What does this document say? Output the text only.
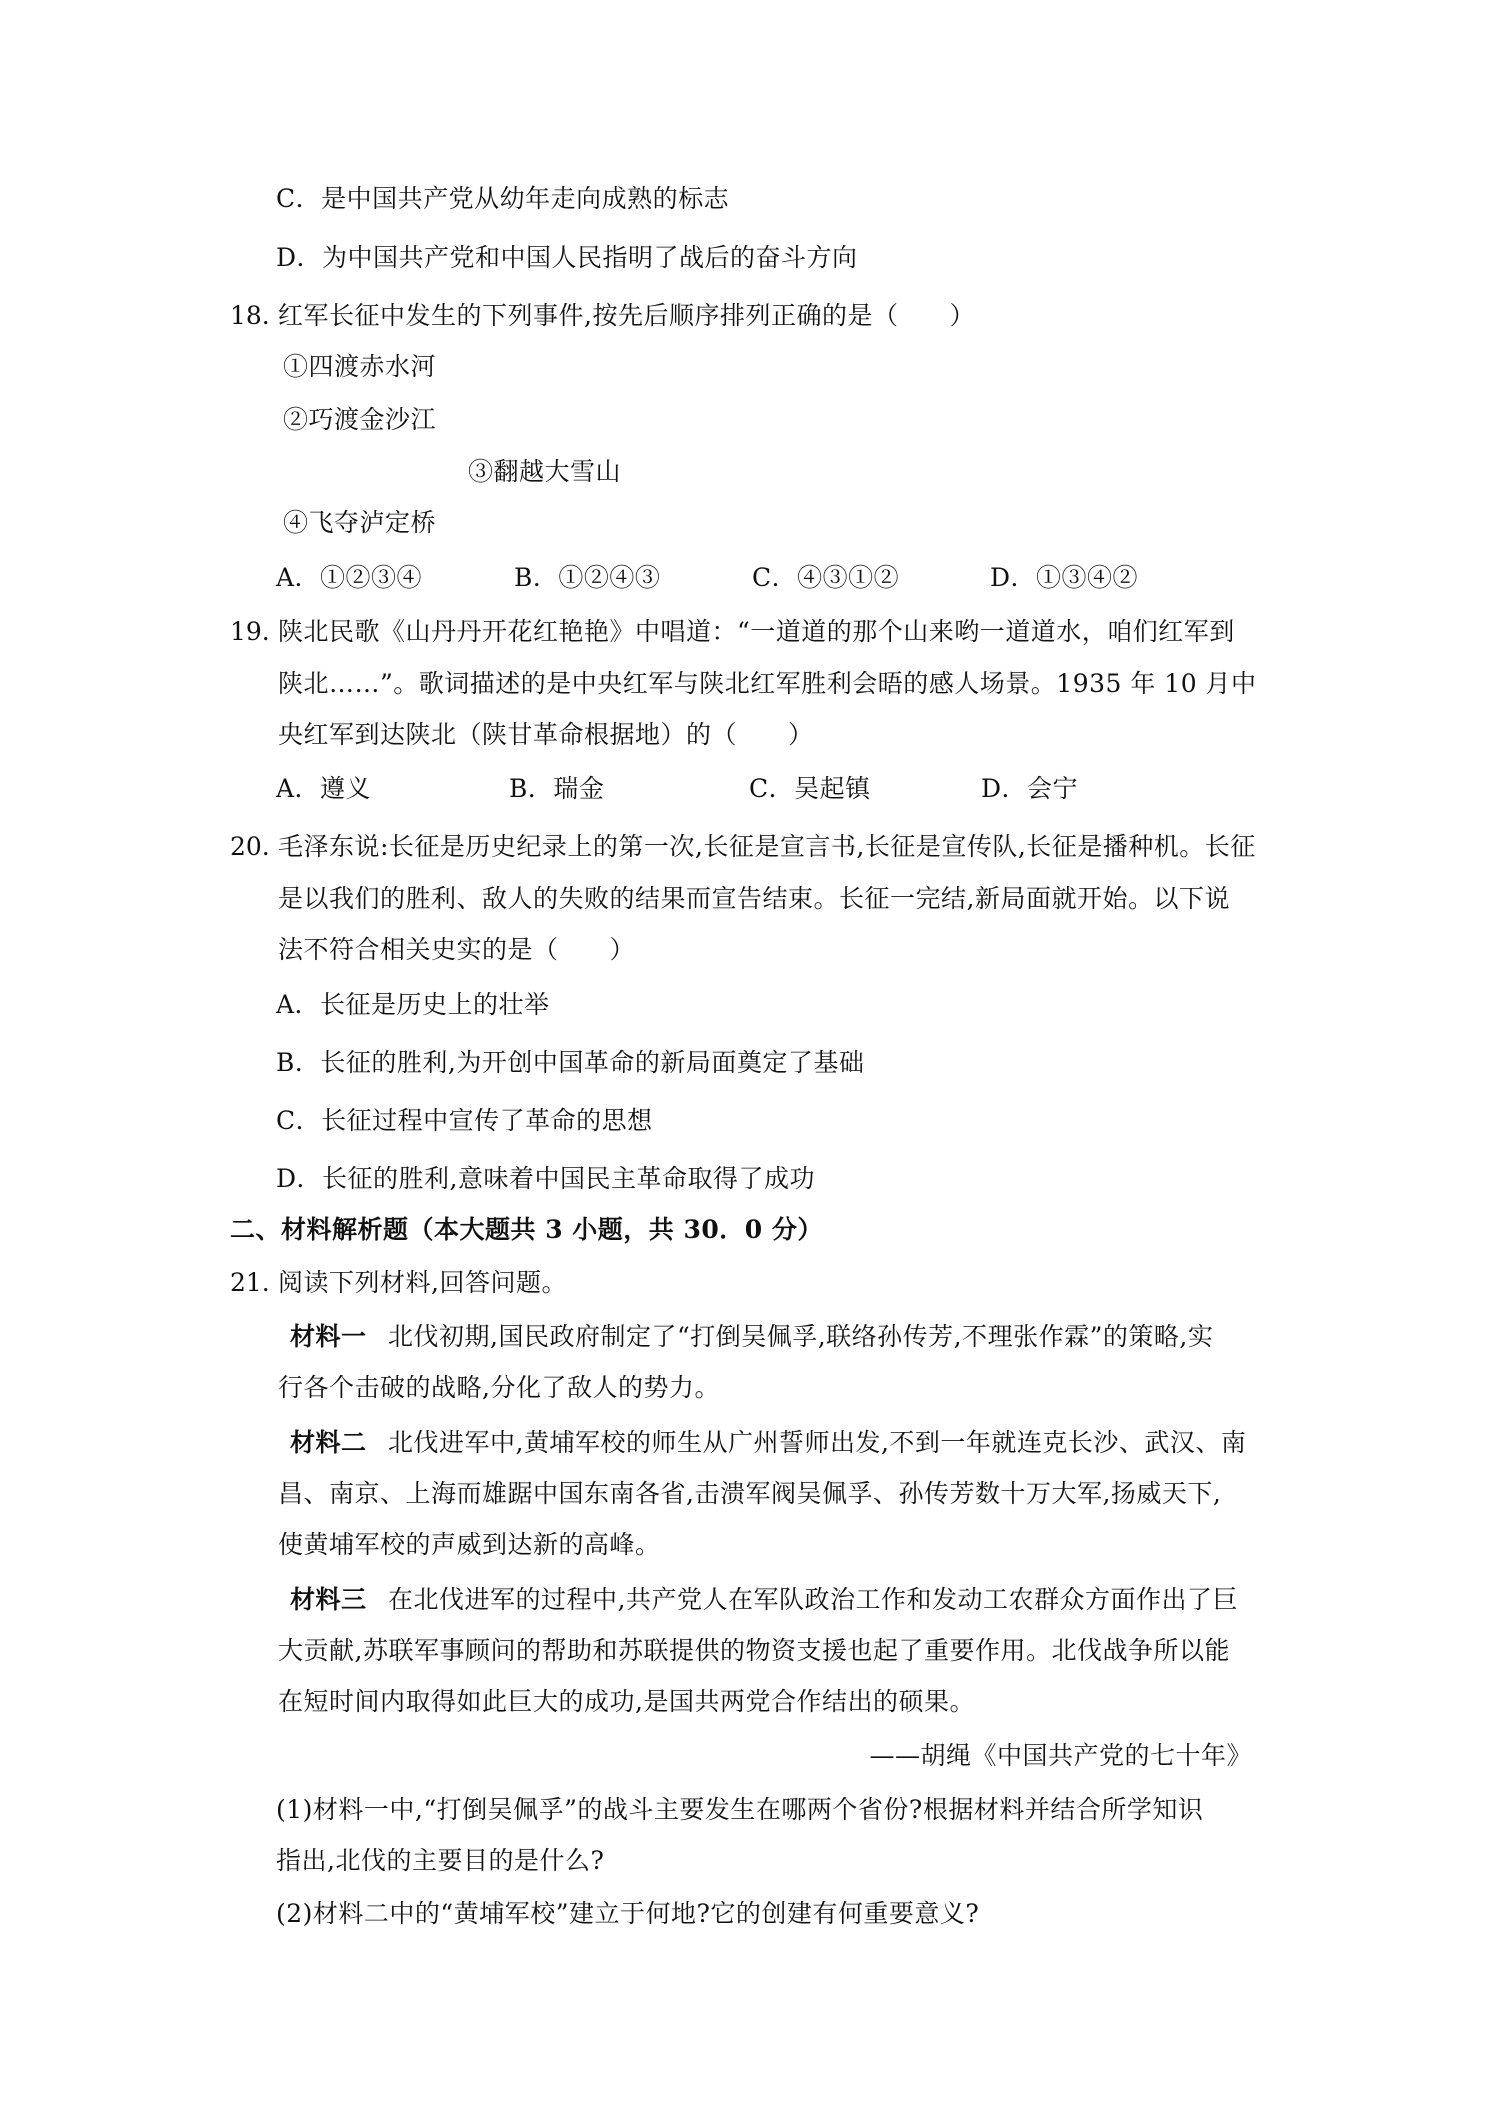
C．是中国共产党从幼年走向成熟的标志
D．为中国共产党和中国人民指明了战后的奋斗方向
18. 红军长征中发生的下列事件,按先后顺序排列正确的是（　　）
①四渡赤水河
②巧渡金沙江
③翻越大雪山
④飞夺泸定桥
A．①②③④	B．①②④③	C．④③①②	D．①③④②
19. 陕北民歌《山丹丹开花红艳艳》中唱道：“一道道的那个山来哟一道道水，咱们红军到
陕北……”。歌词描述的是中央红军与陕北红军胜利会晤的感人场景。1935 年 10 月中
央红军到达陕北（陕甘革命根据地）的（　　）
A．遵义	B．瑞金	C．吴起镇	D．会宁
20. 毛泽东说:长征是历史纪录上的第一次,长征是宣言书,长征是宣传队,长征是播种机。长征
是以我们的胜利、敌人的失败的结果而宣告结束。长征一完结,新局面就开始。以下说
法不符合相关史实的是（　　）
A．长征是历史上的壮举
B．长征的胜利,为开创中国革命的新局面奠定了基础
C．长征过程中宣传了革命的思想
D．长征的胜利,意味着中国民主革命取得了成功
二、材料解析题（本大题共 3 小题，共 30．0 分）
21. 阅读下列材料,回答问题。
材料一 北伐初期,国民政府制定了“打倒吴佩孚,联络孙传芳,不理张作霖”的策略,实
行各个击破的战略,分化了敌人的势力。
材料二 北伐进军中,黄埔军校的师生从广州誓师出发,不到一年就连克长沙、武汉、南
昌、南京、上海而雄踞中国东南各省,击溃军阀吴佩孚、孙传芳数十万大军,扬威天下,
使黄埔军校的声威到达新的高峰。
材料三 在北伐进军的过程中,共产党人在军队政治工作和发动工农群众方面作出了巨
大贡献,苏联军事顾问的帮助和苏联提供的物资支援也起了重要作用。北伐战争所以能
在短时间内取得如此巨大的成功,是国共两党合作结出的硕果。
——胡绳《中国共产党的七十年》
(1)材料一中,“打倒吴佩孚”的战斗主要发生在哪两个省份?根据材料并结合所学知识
指出,北伐的主要目的是什么?
(2)材料二中的“黄埔军校”建立于何地?它的创建有何重要意义?
